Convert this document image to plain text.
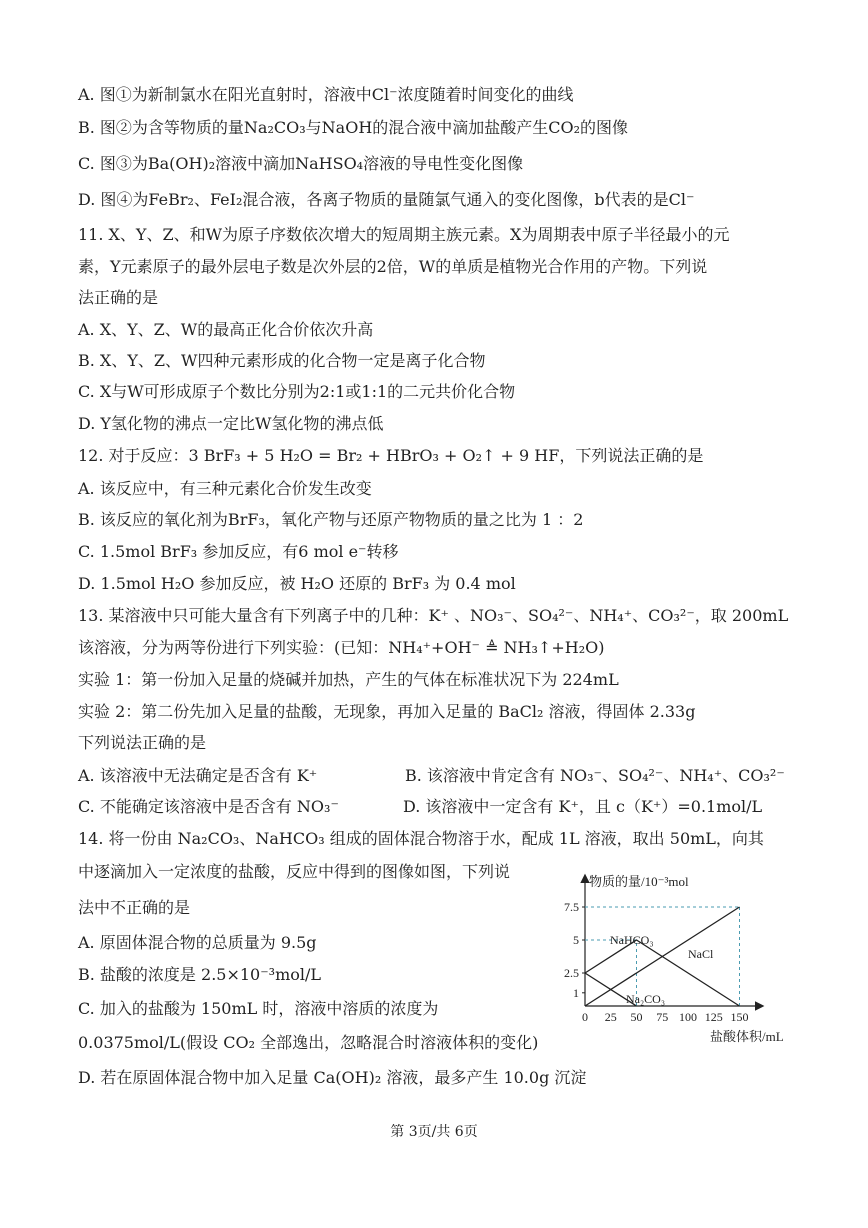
A. 图①为新制氯水在阳光直射时，溶液中Cl⁻浓度随着时间变化的曲线
B. 图②为含等物质的量Na₂CO₃与NaOH的混合液中滴加盐酸产生CO₂的图像
C. 图③为Ba(OH)₂溶液中滴加NaHSO₄溶液的导电性变化图像
D. 图④为FeBr₂、FeI₂混合液，各离子物质的量随氯气通入的变化图像，b代表的是Cl⁻
11. X、Y、Z、和W为原子序数依次增大的短周期主族元素。X为周期表中原子半径最小的元
素，Y元素原子的最外层电子数是次外层的2倍，W的单质是植物光合作用的产物。下列说
法正确的是
A. X、Y、Z、W的最高正化合价依次升高
B. X、Y、Z、W四种元素形成的化合物一定是离子化合物
C. X与W可形成原子个数比分别为2:1或1:1的二元共价化合物
D. Y氢化物的沸点一定比W氢化物的沸点低
12. 对于反应：3 BrF₃ + 5 H₂O = Br₂ + HBrO₃ + O₂↑ + 9 HF，下列说法正确的是
A. 该反应中，有三种元素化合价发生改变
B. 该反应的氧化剂为BrF₃，氧化产物与还原产物物质的量之比为 1 ：2
C. 1.5mol BrF₃ 参加反应，有6 mol e⁻转移
D. 1.5mol H₂O 参加反应，被 H₂O 还原的 BrF₃ 为 0.4 mol
13. 某溶液中只可能大量含有下列离子中的几种：K⁺ 、NO₃⁻、SO₄²⁻、NH₄⁺、CO₃²⁻，取 200mL
该溶液，分为两等份进行下列实验：(已知：NH₄⁺+OH⁻ ≜ NH₃↑+H₂O)
实验 1：第一份加入足量的烧碱并加热，产生的气体在标准状况下为 224mL
实验 2：第二份先加入足量的盐酸，无现象，再加入足量的 BaCl₂ 溶液，得固体 2.33g
下列说法正确的是
A. 该溶液中无法确定是否含有 K⁺	B. 该溶液中肯定含有 NO₃⁻、SO₄²⁻、NH₄⁺、CO₃²⁻
C. 不能确定该溶液中是否含有 NO₃⁻	D. 该溶液中一定含有 K⁺，且 c（K⁺）=0.1mol/L
14. 将一份由 Na₂CO₃、NaHCO₃ 组成的固体混合物溶于水，配成 1L 溶液，取出 50mL，向其
中逐滴加入一定浓度的盐酸，反应中得到的图像如图，下列说
法中不正确的是
A. 原固体混合物的总质量为 9.5g
B. 盐酸的浓度是 2.5×10⁻³mol/L
C. 加入的盐酸为 150mL 时，溶液中溶质的浓度为
0.0375mol/L(假设 CO₂ 全部逸出，忽略混合时溶液体积的变化)
D. 若在原固体混合物中加入足量 Ca(OH)₂ 溶液，最多产生 10.0g 沉淀
物质的量/10⁻³mol
盐酸体积/mL
0 25 50 75 100 125 150
1
2.5
5
7.5
Na₂CO₃
NaHCO₃
NaCl
第 3页/共 6页
